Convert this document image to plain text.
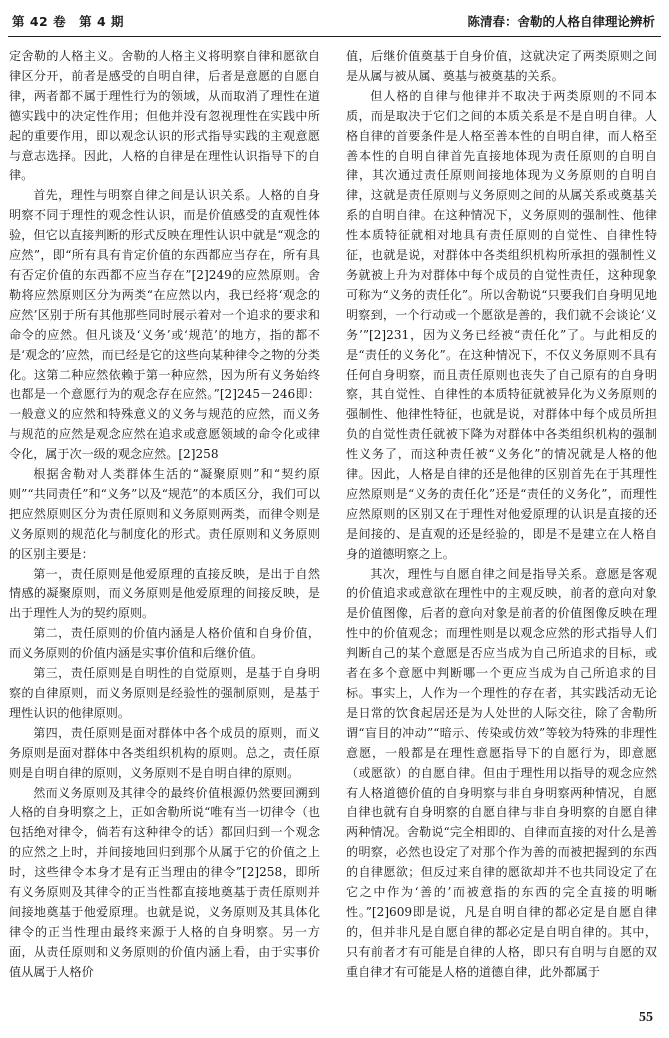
第 42 卷　第 4 期	陈清春：舍勒的人格自律理论辨析

定舍勒的人格主义。舍勒的人格主义将明察自律和愿欲自律区分开，前者是感受的自明自律，后者是意愿的自愿自律，两者都不属于理性行为的领域，从而取消了理性在道德实践中的决定性作用；但他并没有忽视理性在实践中所起的重要作用，即以观念认识的形式指导实践的主观意愿与意志选择。因此，人格的自律是在理性认识指导下的自律。

首先，理性与明察自律之间是认识关系。人格的自身明察不同于理性的观念性认识，而是价值感受的直观性体验，但它以直接判断的形式反映在理性认识中就是“观念的应然”，即“所有具有肯定价值的东西都应当存在，所有具有否定价值的东西都不应当存在”[2]249的应然原则。舍勒将应然原则区分为两类“在应然以内，我已经将‘观念的应然’区别于所有其他那些同时展示着对一个追求的要求和命令的应然。但凡谈及‘义务’或‘规范’的地方，指的都不是‘观念的’应然，而已经是它的这些向某种律令之物的分类化。这第二种应然依赖于第一种应然，因为所有义务始终也都是一个意愿行为的观念存在应然。”[2]245－246即：一般意义的应然和特殊意义的义务与规范的应然，而义务与规范的应然是观念应然在追求或意愿领域的命令化或律令化，属于次一级的观念应然。[2]258

根据舍勒对人类群体生活的“凝聚原则”和“契约原则”“共同责任”和“义务”以及“规范”的本质区分，我们可以把应然原则区分为责任原则和义务原则两类，而律令则是义务原则的规范化与制度化的形式。责任原则和义务原则的区别主要是：

第一，责任原则是他爱原理的直接反映，是出于自然情感的凝聚原则，而义务原则是他爱原理的间接反映，是出于理性人为的契约原则。

第二，责任原则的价值内涵是人格价值和自身价值，而义务原则的价值内涵是实事价值和后继价值。

第三，责任原则是自明性的自觉原则，是基于自身明察的自律原则，而义务原则是经验性的强制原则，是基于理性认识的他律原则。

第四，责任原则是面对群体中各个成员的原则，而义务原则是面对群体中各类组织机构的原则。总之，责任原则是自明自律的原则，义务原则不是自明自律的原则。

然而义务原则及其律令的最终价值根源仍然要回溯到人格的自身明察之上，正如舍勒所说“唯有当一切律令（也包括绝对律令，倘若有这种律令的话）都回归到一个观念的应然之上时，并间接地回归到那个从属于它的价值之上时，这些律令本身才是有正当理由的律令”[2]258，即所有义务原则及其律令的正当性都直接地奠基于责任原则并间接地奠基于他爱原理。也就是说，义务原则及其具体化律令的正当性理由最终来源于人格的自身明察。另一方面，从责任原则和义务原则的价值内涵上看，由于实事价值从属于人格价

值，后继价值奠基于自身价值，这就决定了两类原则之间是从属与被从属、奠基与被奠基的关系。

但人格的自律与他律并不取决于两类原则的不同本质，而是取决于它们之间的本质关系是不是自明自律。人格自律的首要条件是人格至善本性的自明自律，而人格至善本性的自明自律首先直接地体现为责任原则的自明自律，其次通过责任原则间接地体现为义务原则的自明自律，这就是责任原则与义务原则之间的从属关系或奠基关系的自明自律。在这种情况下，义务原则的强制性、他律性本质特征就相对地具有责任原则的自觉性、自律性特征，也就是说，对群体中各类组织机构所承担的强制性义务就被上升为对群体中每个成员的自觉性责任，这种现象可称为“义务的责任化”。所以舍勒说“只要我们自身明见地明察到，一个行动或一个愿欲是善的，我们就不会谈论‘义务’”[2]231，因为义务已经被“责任化”了。与此相反的是“责任的义务化”。在这种情况下，不仅义务原则不具有任何自身明察，而且责任原则也丧失了自己原有的自身明察，其自觉性、自律性的本质特征就被异化为义务原则的强制性、他律性特征，也就是说，对群体中每个成员所担负的自觉性责任就被下降为对群体中各类组织机构的强制性义务了，而这种责任被“义务化”的情况就是人格的他律。因此，人格是自律的还是他律的区别首先在于其理性应然原则是“义务的责任化”还是“责任的义务化”，而理性应然原则的区别又在于理性对他爱原理的认识是直接的还是间接的、是直观的还是经验的，即是不是建立在人格自身的道德明察之上。

其次，理性与自愿自律之间是指导关系。意愿是客观的价值追求或意欲在理性中的主观反映，前者的意向对象是价值图像，后者的意向对象是前者的价值图像反映在理性中的价值观念；而理性则是以观念应然的形式指导人们判断自己的某个意愿是否应当成为自己所追求的目标，或者在多个意愿中判断哪一个更应当成为自己所追求的目标。事实上，人作为一个理性的存在者，其实践活动无论是日常的饮食起居还是为人处世的人际交往，除了舍勒所谓“盲目的冲动”“暗示、传染或仿效”等较为特殊的非理性意愿，一般都是在理性意愿指导下的自愿行为，即意愿（或愿欲）的自愿自律。但由于理性用以指导的观念应然有人格道德价值的自身明察与非自身明察两种情况，自愿自律也就有自身明察的自愿自律与非自身明察的自愿自律两种情况。舍勒说“完全相即的、自律而直接的对什么是善的明察，必然也设定了对那个作为善的而被把握到的东西的自律愿欲；但反过来自律的愿欲却并不也共同设定了在它之中作为‘善的’而被意指的东西的完全直接的明晰性。”[2]609即是说，凡是自明自律的都必定是自愿自律的，但并非凡是自愿自律的都必定是自明自律的。其中，只有前者才有可能是自律的人格，即只有自明与自愿的双重自律才有可能是人格的道德自律，此外都属于

55
